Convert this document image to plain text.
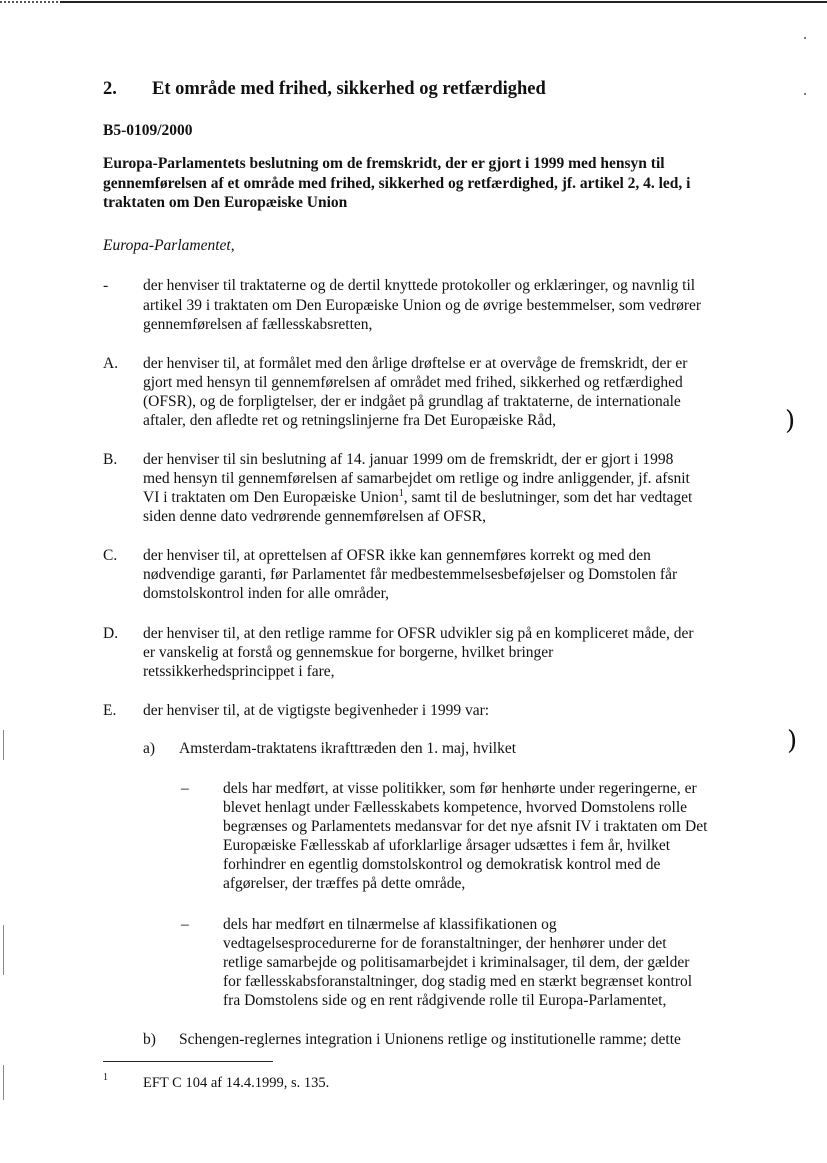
2. Et område med frihed, sikkerhed og retfærdighed
B5-0109/2000
Europa-Parlamentets beslutning om de fremskridt, der er gjort i 1999 med hensyn til
gennemførelsen af et område med frihed, sikkerhed og retfærdighed, jf. artikel 2, 4. led, i
traktaten om Den Europæiske Union
Europa-Parlamentet,
- der henviser til traktaterne og de dertil knyttede protokoller og erklæringer, og navnlig til
artikel 39 i traktaten om Den Europæiske Union og de øvrige bestemmelser, som vedrører
gennemførelsen af fællesskabsretten,
A. der henviser til, at formålet med den årlige drøftelse er at overvåge de fremskridt, der er
gjort med hensyn til gennemførelsen af området med frihed, sikkerhed og retfærdighed
(OFSR), og de forpligtelser, der er indgået på grundlag af traktaterne, de internationale
aftaler, den afledte ret og retningslinjerne fra Det Europæiske Råd,
B. der henviser til sin beslutning af 14. januar 1999 om de fremskridt, der er gjort i 1998
med hensyn til gennemførelsen af samarbejdet om retlige og indre anliggender, jf. afsnit
VI i traktaten om Den Europæiske Union$^1$, samt til de beslutninger, som det har vedtaget
siden denne dato vedrørende gennemførelsen af OFSR,
C. der henviser til, at oprettelsen af OFSR ikke kan gennemføres korrekt og med den
nødvendige garanti, før Parlamentet får medbestemmelsesbeføjelser og Domstolen får
domstolskontrol inden for alle områder,
D. der henviser til, at den retlige ramme for OFSR udvikler sig på en kompliceret måde, der
er vanskelig at forstå og gennemskue for borgerne, hvilket bringer
retssikkerhedsprincippet i fare,
E. der henviser til, at de vigtigste begivenheder i 1999 var:
a) Amsterdam-traktatens ikrafttræden den 1. maj, hvilket
– dels har medført, at visse politikker, som før henhørte under regeringerne, er
blevet henlagt under Fællesskabets kompetence, hvorved Domstolens rolle
begrænses og Parlamentets medansvar for det nye afsnit IV i traktaten om Det
Europæiske Fællesskab af uforklarlige årsager udsættes i fem år, hvilket
forhindrer en egentlig domstolskontrol og demokratisk kontrol med de
afgørelser, der træffes på dette område,
– dels har medført en tilnærmelse af klassifikationen og
vedtagelsesprocedurerne for de foranstaltninger, der henhører under det
retlige samarbejde og politisamarbejdet i kriminalsager, til dem, der gælder
for fællesskabsforanstaltninger, dog stadig med en stærkt begrænset kontrol
fra Domstolens side og en rent rådgivende rolle til Europa-Parlamentet,
b) Schengen-reglernes integration i Unionens retlige og institutionelle ramme; dette
1 EFT C 104 af 14.4.1999, s. 135.
)
)
